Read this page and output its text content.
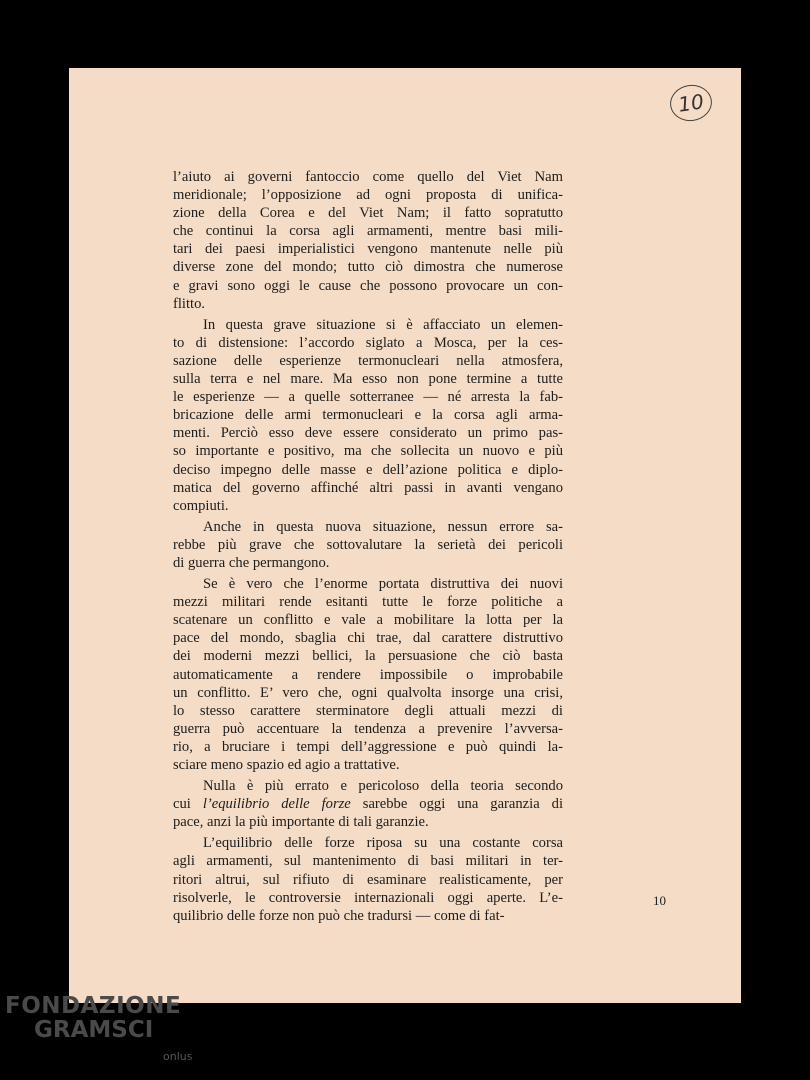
10

l’aiuto ai governi fantoccio come quello del Viet Nam
meridionale; l’opposizione ad ogni proposta di unifica-
zione della Corea e del Viet Nam; il fatto sopratutto
che continui la corsa agli armamenti, mentre basi mili-
tari dei paesi imperialistici vengono mantenute nelle più
diverse zone del mondo; tutto ciò dimostra che numerose
e gravi sono oggi le cause che possono provocare un con-
flitto.

In questa grave situazione si è affacciato un elemen-
to di distensione: l’accordo siglato a Mosca, per la ces-
sazione delle esperienze termonucleari nella atmosfera,
sulla terra e nel mare. Ma esso non pone termine a tutte
le esperienze — a quelle sotterranee — né arresta la fab-
bricazione delle armi termonucleari e la corsa agli arma-
menti. Perciò esso deve essere considerato un primo pas-
so importante e positivo, ma che sollecita un nuovo e più
deciso impegno delle masse e dell’azione politica e diplo-
matica del governo affinché altri passi in avanti vengano
compiuti.

Anche in questa nuova situazione, nessun errore sa-
rebbe più grave che sottovalutare la serietà dei pericoli
di guerra che permangono.

Se è vero che l’enorme portata distruttiva dei nuovi
mezzi militari rende esitanti tutte le forze politiche a
scatenare un conflitto e vale a mobilitare la lotta per la
pace del mondo, sbaglia chi trae, dal carattere distruttivo
dei moderni mezzi bellici, la persuasione che ciò basta
automaticamente a rendere impossibile o improbabile
un conflitto. E’ vero che, ogni qualvolta insorge una crisi,
lo stesso carattere sterminatore degli attuali mezzi di
guerra può accentuare la tendenza a prevenire l’avversa-
rio, a bruciare i tempi dell’aggressione e può quindi la-
sciare meno spazio ed agio a trattative.

Nulla è più errato e pericoloso della teoria secondo
cui l’equilibrio delle forze sarebbe oggi una garanzia di
pace, anzi la più importante di tali garanzie.

L’equilibrio delle forze riposa su una costante corsa
agli armamenti, sul mantenimento di basi militari in ter-
ritori altrui, sul rifiuto di esaminare realisticamente, per
risolverle, le controversie internazionali oggi aperte. L’e-
quilibrio delle forze non può che tradursi — come di fat-

10
FONDAZIONE
GRAMSCI
onlus
